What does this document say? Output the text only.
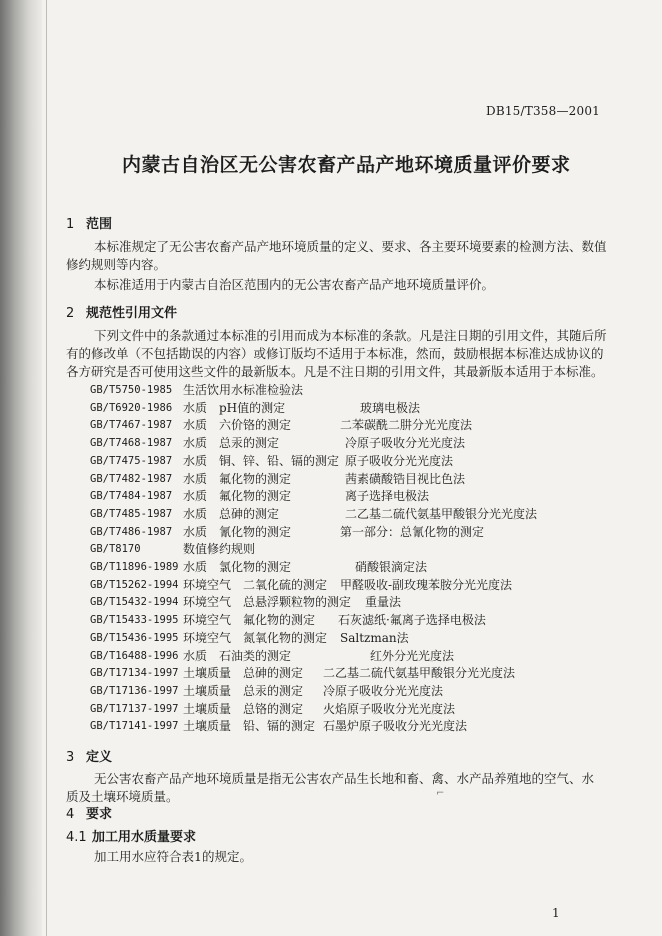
DB15/T358—2001
内蒙古自治区无公害农畜产品产地环境质量评价要求
1 范围
本标准规定了无公害农畜产品产地环境质量的定义、要求、各主要环境要素的检测方法、数值
修约规则等内容。
本标准适用于内蒙古自治区范围内的无公害农畜产品产地环境质量评价。
2 规范性引用文件
下列文件中的条款通过本标准的引用而成为本标准的条款。凡是注日期的引用文件，其随后所
有的修改单（不包括勘误的内容）或修订版均不适用于本标准，然而，鼓励根据本标准达成协议的
各方研究是否可使用这些文件的最新版本。凡是不注日期的引用文件，其最新版本适用于本标准。
GB/T5750-1985 生活饮用水标准检验法
GB/T6920-1986 水质　pH值的测定	玻璃电极法
GB/T7467-1987 水质　六价铬的测定	二苯碳酰二肼分光光度法
GB/T7468-1987 水质　总汞的测定	冷原子吸收分光光度法
GB/T7475-1987 水质　铜、锌、铅、镉的测定 原子吸收分光光度法
GB/T7482-1987 水质　氟化物的测定	茜素磺酸锆目视比色法
GB/T7484-1987 水质　氟化物的测定	离子选择电极法
GB/T7485-1987 水质　总砷的测定	二乙基二硫代氨基甲酸银分光光度法
GB/T7486-1987 水质　氰化物的测定	第一部分：总氰化物的测定
GB/T8170	数值修约规则
GB/T11896-1989 水质　氯化物的测定	硝酸银滴定法
GB/T15262-1994 环境空气　二氧化硫的测定 甲醛吸收-副玫瑰苯胺分光光度法
GB/T15432-1994 环境空气　总悬浮颗粒物的测定 重量法
GB/T15433-1995 环境空气　氟化物的测定 石灰滤纸·氟离子选择电极法
GB/T15436-1995 环境空气　氮氧化物的测定 Saltzman法
GB/T16488-1996 水质　石油类的测定	红外分光光度法
GB/T17134-1997 土壤质量　总砷的测定 二乙基二硫代氨基甲酸银分光光度法
GB/T17136-1997 土壤质量　总汞的测定 冷原子吸收分光光度法
GB/T17137-1997 土壤质量　总铬的测定 火焰原子吸收分光光度法
GB/T17141-1997 土壤质量　铅、镉的测定 石墨炉原子吸收分光光度法
3 定义
无公害农畜产品产地环境质量是指无公害农产品生长地和畜、禽、水产品养殖地的空气、水
质及土壤环境质量。
4 要求
4.1 加工用水质量要求
加工用水应符合表1的规定。
⌐
1
